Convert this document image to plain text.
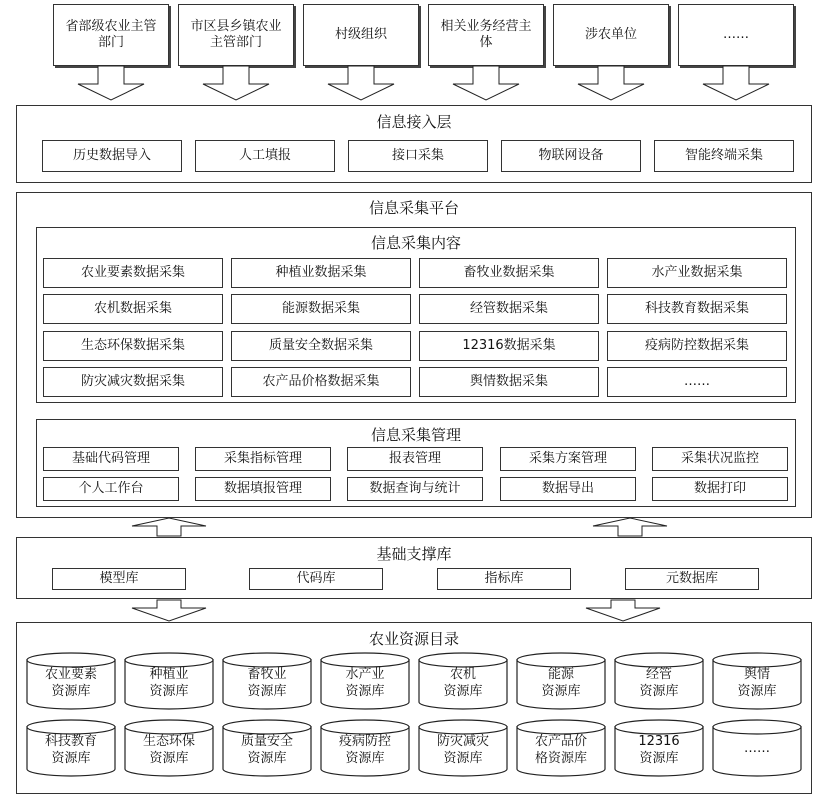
省部级农业主管部门
市区县乡镇农业主管部门
村级组织
相关业务经营主体
涉农单位	……
信息接入层
历史数据导入	人工填报	接口采集	物联网设备	智能终端采集
信息采集平台
信息采集内容
农业要素数据采集	种植业数据采集	畜牧业数据采集	水产业数据采集
农机数据采集	能源数据采集	经管数据采集	科技教育数据采集
生态环保数据采集	质量安全数据采集	12316数据采集	疫病防控数据采集
防灾减灾数据采集	农产品价格数据采集	舆情数据采集	……
信息采集管理
基础代码管理	采集指标管理	报表管理	采集方案管理	采集状况监控
个人工作台	数据填报管理	数据查询与统计	数据导出	数据打印
基础支撑库
模型库	代码库	指标库	元数据库
农业资源目录
农业要素
资源库
种植业
资源库
畜牧业
资源库
水产业
资源库
农机
资源库
能源
资源库
经管
资源库
舆情
资源库
科技教育
资源库
生态环保
资源库
质量安全
资源库
疫病防控
资源库
防灾减灾
资源库
农产品价
格资源库
12316
资源库
……
